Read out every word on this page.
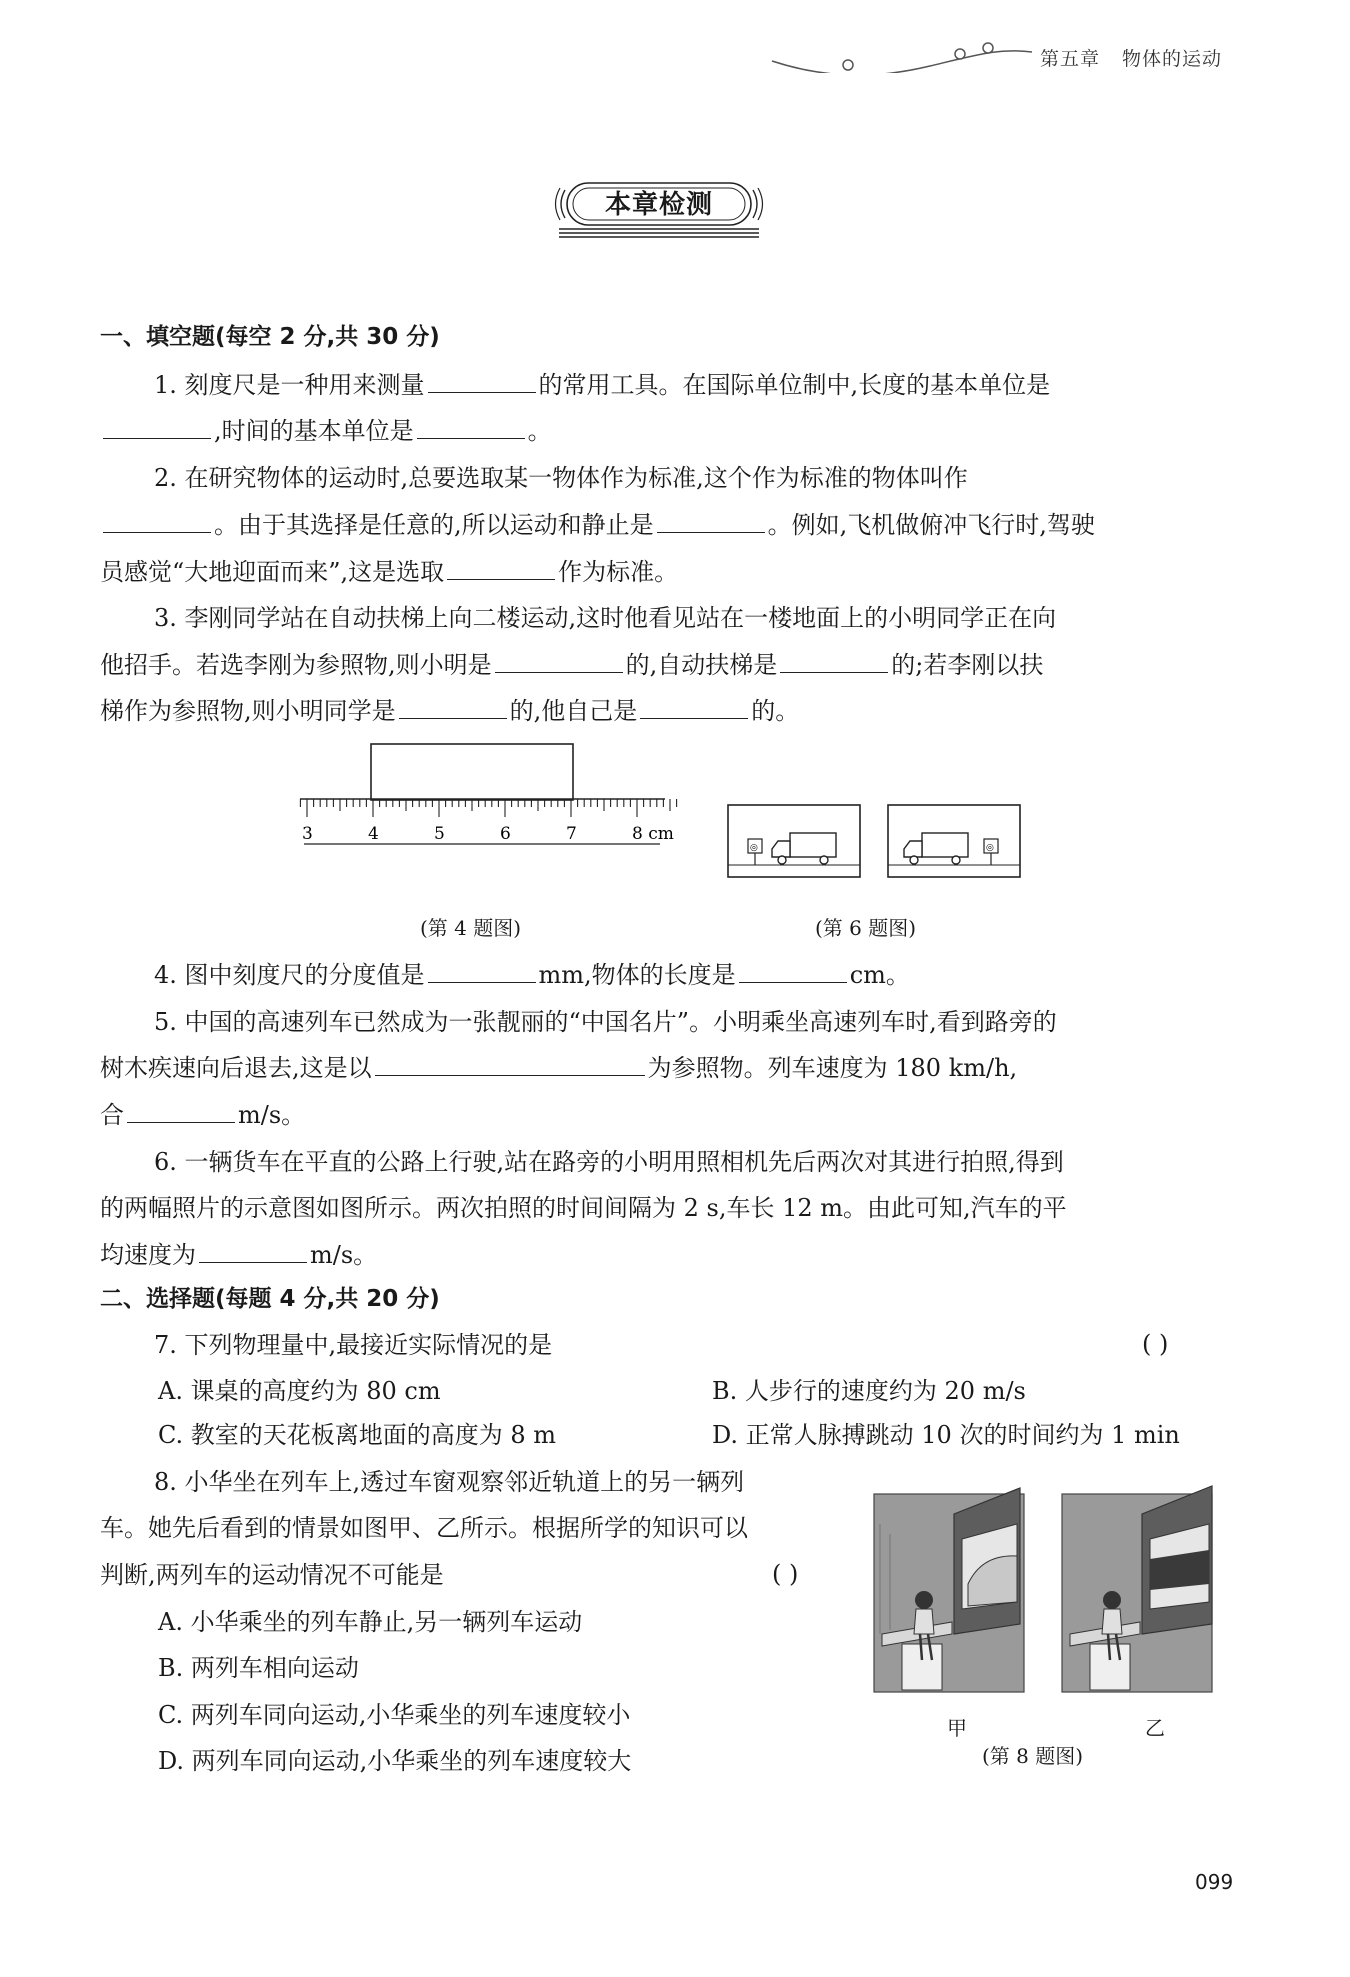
第五章 物体的运动
本章检测
一、填空题(每空 2 分,共 30 分)
1. 刻度尺是一种用来测量	的常用工具。在国际单位制中,长度的基本单位是
,时间的基本单位是	。
2. 在研究物体的运动时,总要选取某一物体作为标准,这个作为标准的物体叫作
。由于其选择是任意的,所以运动和静止是	。例如,飞机做俯冲飞行时,驾驶
员感觉“大地迎面而来”,这是选取	作为标准。
3. 李刚同学站在自动扶梯上向二楼运动,这时他看见站在一楼地面上的小明同学正在向
他招手。若选李刚为参照物,则小明是	的,自动扶梯是	的;若李刚以扶
梯作为参照物,则小明同学是	的,他自己是	的。
3	4	5	6	7	8 cm
(第 4 题图)
◎	◎
(第 6 题图)
4. 图中刻度尺的分度值是	mm,物体的长度是	cm。
5. 中国的高速列车已然成为一张靓丽的“中国名片”。小明乘坐高速列车时,看到路旁的
树木疾速向后退去,这是以	为参照物。列车速度为 180 km/h,
合	m/s。
6. 一辆货车在平直的公路上行驶,站在路旁的小明用照相机先后两次对其进行拍照,得到
的两幅照片的示意图如图所示。两次拍照的时间间隔为 2 s,车长 12 m。由此可知,汽车的平
均速度为	m/s。
二、选择题(每题 4 分,共 20 分)
7. 下列物理量中,最接近实际情况的是	( )
A. 课桌的高度约为 80 cm	B. 人步行的速度约为 20 m/s
C. 教室的天花板离地面的高度为 8 m	D. 正常人脉搏跳动 10 次的时间约为 1 min
8. 小华坐在列车上,透过车窗观察邻近轨道上的另一辆列
车。她先后看到的情景如图甲、乙所示。根据所学的知识可以
判断,两列车的运动情况不可能是	( )
A. 小华乘坐的列车静止,另一辆列车运动
B. 两列车相向运动
C. 两列车同向运动,小华乘坐的列车速度较小
D. 两列车同向运动,小华乘坐的列车速度较大
甲	乙
(第 8 题图)
099
